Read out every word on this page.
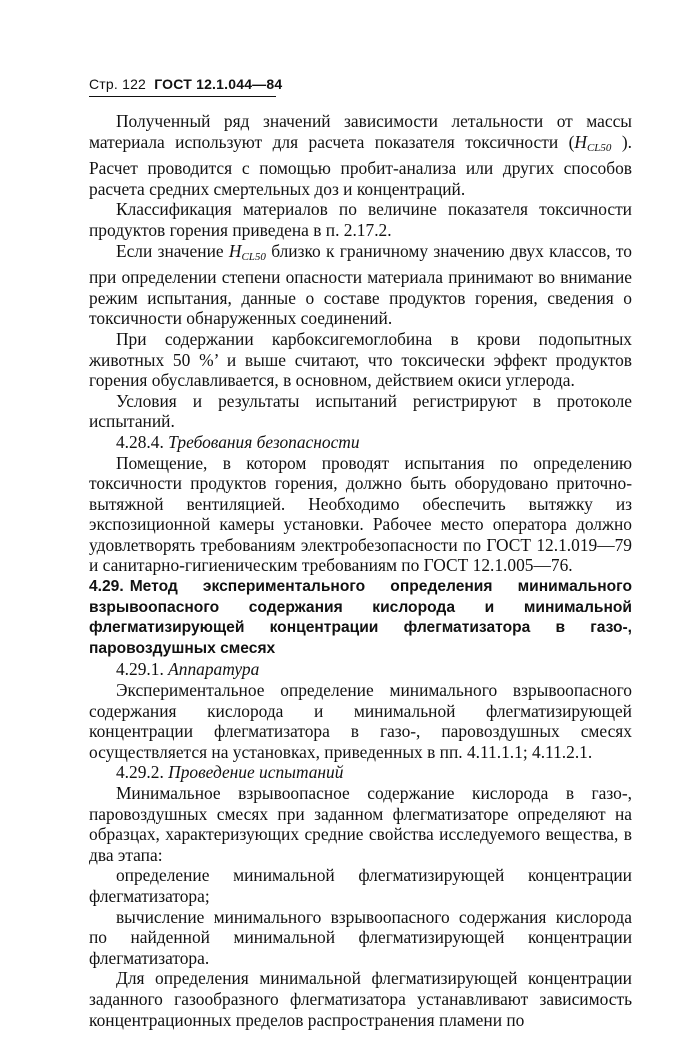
Стр. 122 ГОСТ 12.1.044—84

Полученный ряд значений зависимости летальности от массы материала используют для расчета показателя токсичности ($H_{CL50}$ ). Расчет проводится с помощью пробит-анализа или других способов расчета средних смертельных доз и концентраций.

Классификация материалов по величине показателя токсичности продуктов горения приведена в п. 2.17.2.

Если значение $H_{CL50}$ близко к граничному значению двух классов, то при определении степени опасности материала принимают во внимание режим испытания, данные о составе продуктов горения, сведения о токсичности обнаруженных соединений.

При содержании карбоксигемоглобина в крови подопытных животных 50 %’ и выше считают, что токсически эффект продуктов горения обуславливается, в основном, действием окиси углерода.

Условия и результаты испытаний регистрируют в протоколе испытаний.

4.28.4. Требования безопасности

Помещение, в котором проводят испытания по определению токсичности продуктов горения, должно быть оборудовано приточно-вытяжной вентиляцией. Необходимо обеспечить вытяжку из экспозиционной камеры установки. Рабочее место оператора должно удовлетворять требованиям электробезопасности по ГОСТ 12.1.019—79 и санитарно-гигиеническим требованиям по ГОСТ 12.1.005—76.

4.29. Метод экспериментального определения минимального взрывоопасного содержания кислорода и минимальной флегматизирующей концентрации флегматизатора в газо-, паровоздушных смесях

4.29.1. Аппаратура

Экспериментальное определение минимального взрывоопасного содержания кислорода и минимальной флегматизирующей концентрации флегматизатора в газо-, паровоздушных смесях осуществляется на установках, приведенных в пп. 4.11.1.1; 4.11.2.1.

4.29.2. Проведение испытаний

Минимальное взрывоопасное содержание кислорода в газо-, паровоздушных смесях при заданном флегматизаторе определяют на образцах, характеризующих средние свойства исследуемого вещества, в два этапа:

определение минимальной флегматизирующей концентрации флегматизатора;

вычисление минимального взрывоопасного содержания кислорода по найденной минимальной флегматизирующей концентрации флегматизатора.

Для определения минимальной флегматизирующей концентрации заданного газообразного флегматизатора устанавливают зависимость концентрационных пределов распространения пламени по
